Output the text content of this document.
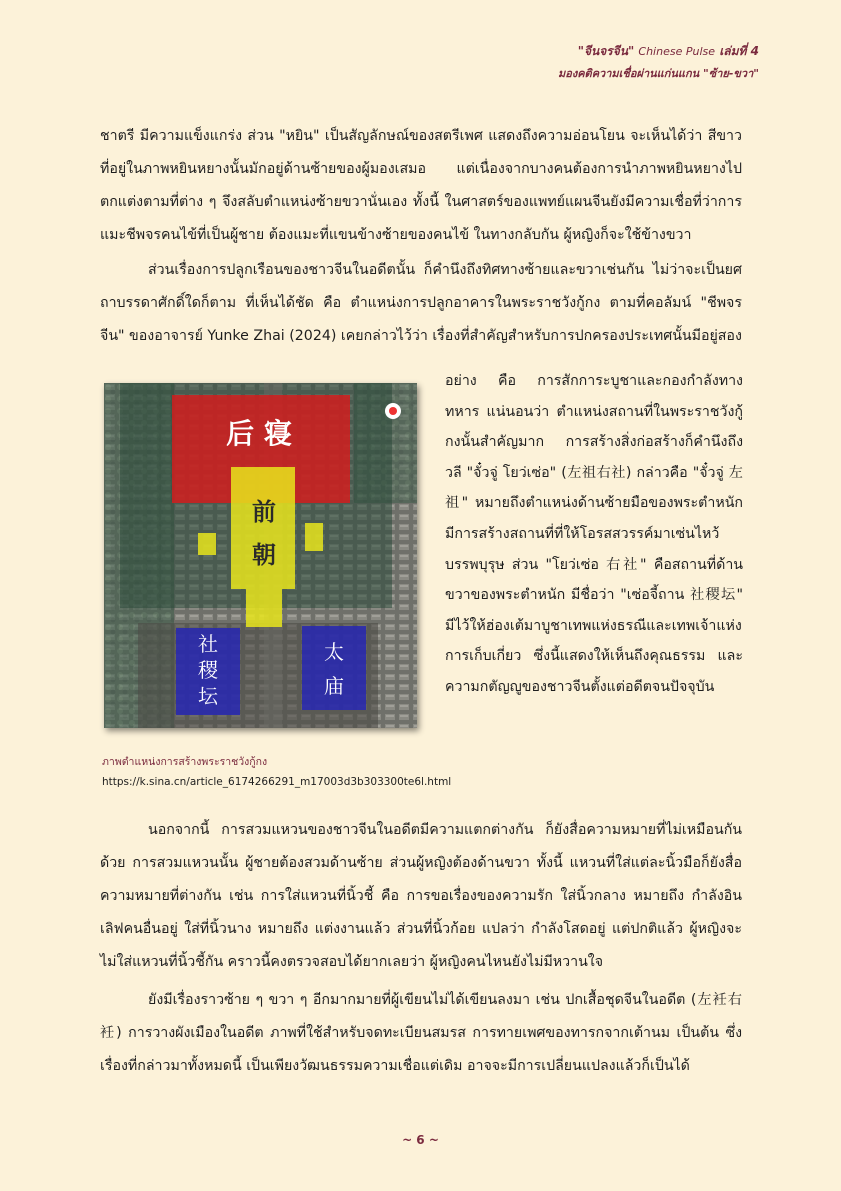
"จีนจรจีน" Chinese Pulse เล่มที่ 4
มองคติความเชื่อผ่านแก่นแกน "ซ้าย-ขวา"

ชาตรี มีความแข็งแกร่ง ส่วน "หยิน" เป็นสัญลักษณ์ของสตรีเพศ แสดงถึงความอ่อนโยน จะเห็นได้ว่า สีขาวที่อยู่ในภาพหยินหยางนั้นมักอยู่ด้านซ้ายของผู้มองเสมอ แต่เนื่องจากบางคนต้องการนำภาพหยินหยางไปตกแต่งตามที่ต่าง ๆ จึงสลับตำแหน่งซ้ายขวานั่นเอง ทั้งนี้ ในศาสตร์ของแพทย์แผนจีนยังมีความเชื่อที่ว่าการแมะชีพจรคนไข้ที่เป็นผู้ชาย ต้องแมะที่แขนข้างซ้ายของคนไข้ ในทางกลับกัน ผู้หญิงก็จะใช้ข้างขวา

ส่วนเรื่องการปลูกเรือนของชาวจีนในอดีตนั้น ก็คำนึงถึงทิศทางซ้ายและขวาเช่นกัน ไม่ว่าจะเป็นยศถาบรรดาศักดิ์ใดก็ตาม ที่เห็นได้ชัด คือ ตำแหน่งการปลูกอาคารในพระราชวังกู้กง ตามที่คอลัมน์ "ชีพจรจีน" ของอาจารย์ Yunke Zhai (2024) เคยกล่าวไว้ว่า เรื่องที่สำคัญสำหรับการปกครองประเทศนั้นมีอยู่สอง

后 寝
前
朝
社
稷
坛
太
庙
ภาพตำแหน่งการสร้างพระราชวังกู้กง
https://k.sina.cn/article_6174266291_m17003d3b303300te6l.html

อย่าง คือ การสักการะบูชาและกองกำลังทางทหาร แน่นอนว่า ตำแหน่งสถานที่ในพระราชวังกู้กงนั้นสำคัญมาก การสร้างสิ่งก่อสร้างก็คำนึงถึง วลี "จั๋วจู่ โยว่เซ่อ" (左祖右社) กล่าวคือ "จั๋วจู่ 左祖" หมายถึงตำแหน่งด้านซ้ายมือของพระตำหนัก มีการสร้างสถานที่ที่ให้โอรสสวรรค์มาเซ่นไหว้บรรพบุรุษ ส่วน "โยว่เซ่อ 右社" คือสถานที่ด้านขวาของพระตำหนัก มีชื่อว่า "เซ่อจี้ถาน 社稷坛" มีไว้ให้ฮ่องเต้มาบูชาเทพแห่งธรณีและเทพเจ้าแห่งการเก็บเกี่ยว ซึ่งนี้แสดงให้เห็นถึงคุณธรรม และความกตัญญูของชาวจีนตั้งแต่อดีตจนปัจจุบัน

นอกจากนี้ การสวมแหวนของชาวจีนในอดีตมีความแตกต่างกัน ก็ยังสื่อความหมายที่ไม่เหมือนกัน ด้วย การสวมแหวนนั้น ผู้ชายต้องสวมด้านซ้าย ส่วนผู้หญิงต้องด้านขวา ทั้งนี้ แหวนที่ใส่แต่ละนิ้วมือก็ยังสื่อความหมายที่ต่างกัน เช่น การใส่แหวนที่นิ้วชี้ คือ การขอเรื่องของความรัก ใส่นิ้วกลาง หมายถึง กำลังอินเลิฟคนอื่นอยู่ ใส่ที่นิ้วนาง หมายถึง แต่งงานแล้ว ส่วนที่นิ้วก้อย แปลว่า กำลังโสดอยู่ แต่ปกติแล้ว ผู้หญิงจะไม่ใส่แหวนที่นิ้วชี้กัน คราวนี้คงตรวจสอบได้ยากเลยว่า ผู้หญิงคนไหนยังไม่มีหวานใจ

ยังมีเรื่องราวซ้าย ๆ ขวา ๆ อีกมากมายที่ผู้เขียนไม่ได้เขียนลงมา เช่น ปกเสื้อชุดจีนในอดีต (左衽右衽) การวางผังเมืองในอดีต ภาพที่ใช้สำหรับจดทะเบียนสมรส การทายเพศของทารกจากเต้านม เป็นต้น ซึ่งเรื่องที่กล่าวมาทั้งหมดนี้ เป็นเพียงวัฒนธรรมความเชื่อแต่เดิม อาจจะมีการเปลี่ยนแปลงแล้วก็เป็นได้

~ 6 ~
